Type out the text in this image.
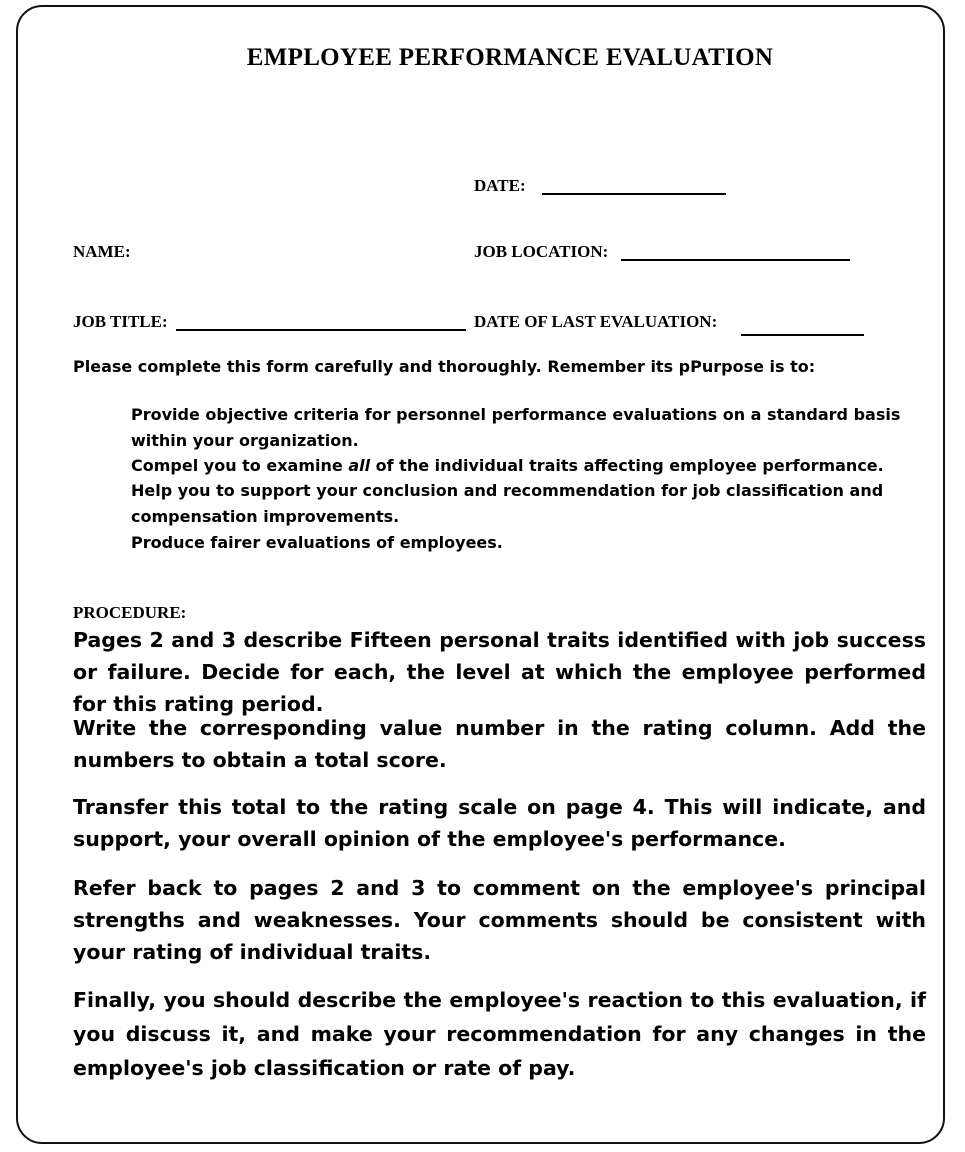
EMPLOYEE PERFORMANCE EVALUATION
DATE:
NAME:	JOB LOCATION:
JOB TITLE:	DATE OF LAST EVALUATION:
Please complete this form carefully and thoroughly. Remember its pPurpose is to:
Provide objective criteria for personnel performance evaluations on a standard basis within your organization.
Compel you to examine all of the individual traits affecting employee performance.
Help you to support your conclusion and recommendation for job classification and compensation improvements.
Produce fairer evaluations of employees.
PROCEDURE:
Pages 2 and 3 describe Fifteen personal traits identified with job success or failure. Decide for each, the level at which the employee performed for this rating period.
Write the corresponding value number in the rating column. Add the numbers to obtain a total score.
Transfer this total to the rating scale on page 4. This will indicate, and support, your overall opinion of the employee's performance.
Refer back to pages 2 and 3 to comment on the employee's principal strengths and weaknesses. Your comments should be consistent with your rating of individual traits.
Finally, you should describe the employee's reaction to this evaluation, if you discuss it, and make your recommendation for any changes in the employee's job classification or rate of pay.
